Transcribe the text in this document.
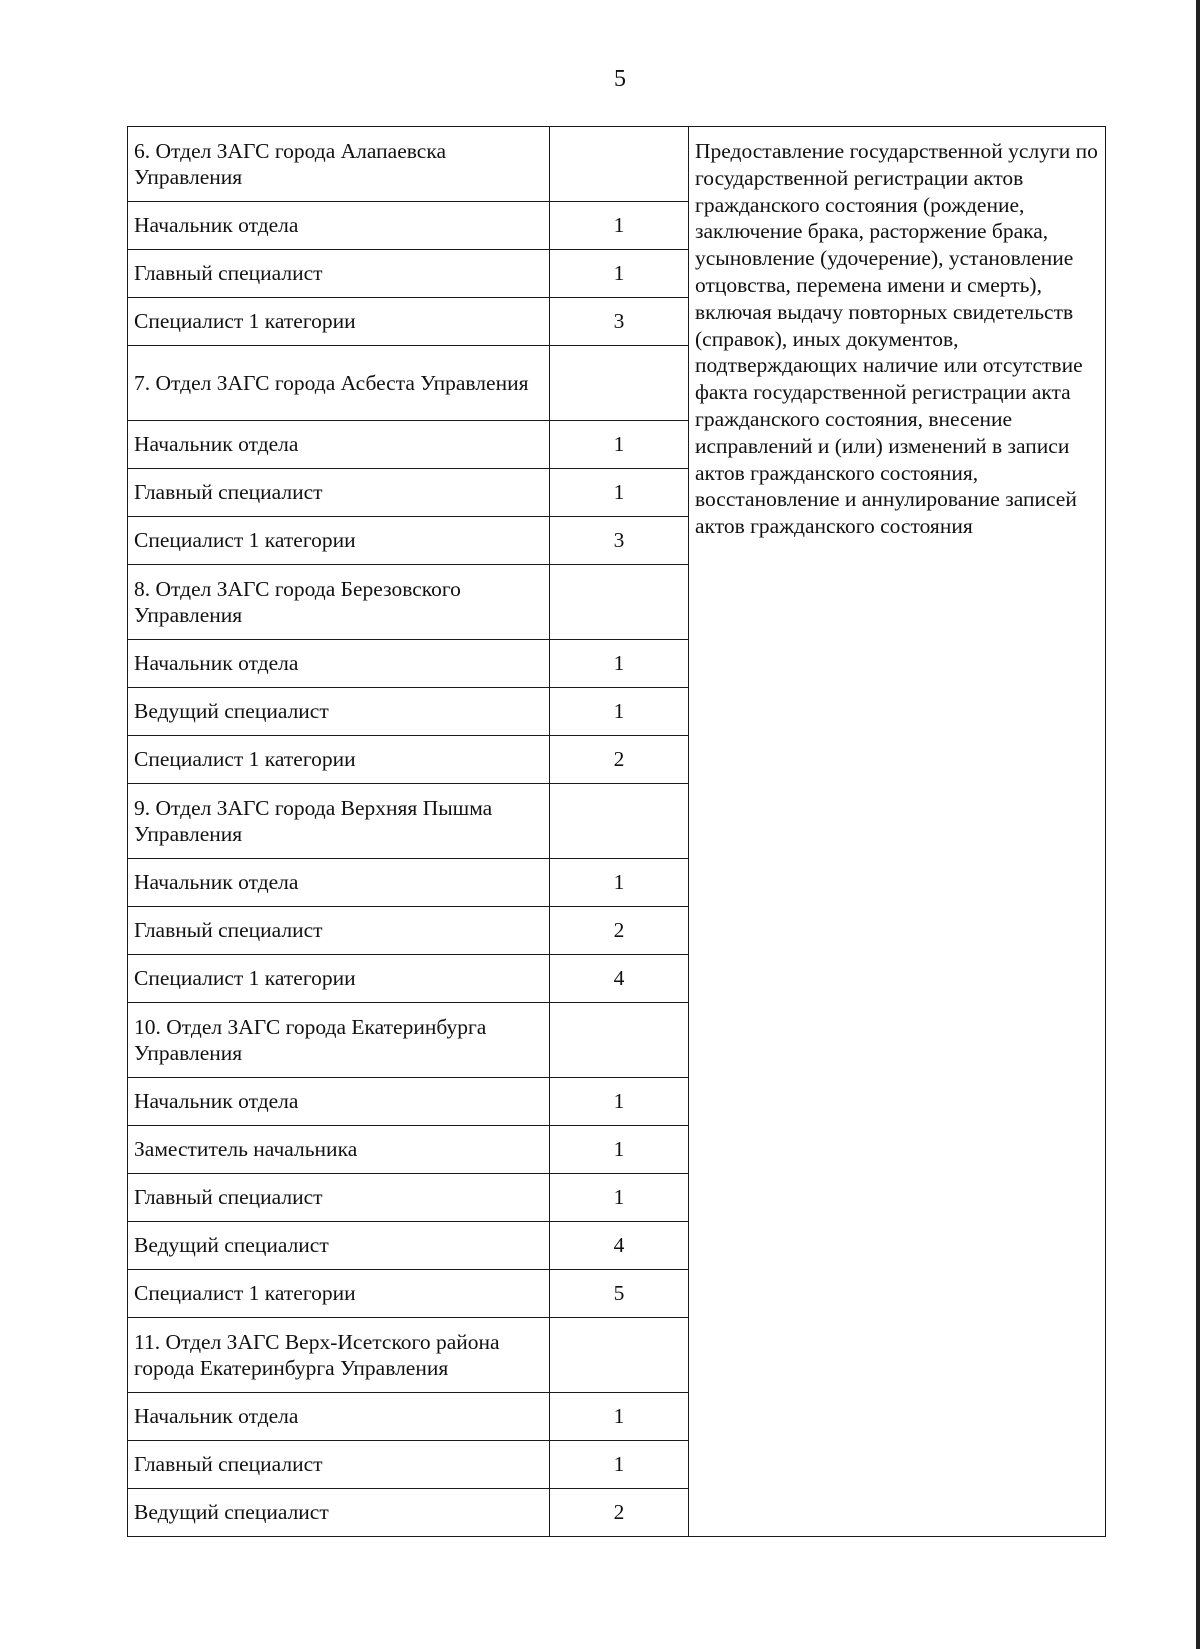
5
6. Отдел ЗАГС города Алапаевска Управления		Предоставление государственной услуги по государственной регистрации актов гражданского состояния (рождение, заключение брака, расторжение брака, усыновление (удочерение), установление отцовства, перемена имени и смерть), включая выдачу повторных свидетельств (справок), иных документов, подтверждающих наличие или отсутствие факта государственной регистрации акта гражданского состояния, внесение исправлений и (или) изменений в записи актов гражданского состояния, восстановление и аннулирование записей актов гражданского состояния
Начальник отдела	1	
Главный специалист	1	
Специалист 1 категории	3	
7. Отдел ЗАГС города Асбеста Управления		
Начальник отдела	1	
Главный специалист	1	
Специалист 1 категории	3	
8. Отдел ЗАГС города Березовского Управления		
Начальник отдела	1	
Ведущий специалист	1	
Специалист 1 категории	2	
9. Отдел ЗАГС города Верхняя Пышма Управления		
Начальник отдела	1	
Главный специалист	2	
Специалист 1 категории	4	
10. Отдел ЗАГС города Екатеринбурга Управления		
Начальник отдела	1	
Заместитель начальника	1	
Главный специалист	1	
Ведущий специалист	4	
Специалист 1 категории	5	
11. Отдел ЗАГС Верх-Исетского района города Екатеринбурга Управления		
Начальник отдела	1	
Главный специалист	1	
Ведущий специалист	2	
